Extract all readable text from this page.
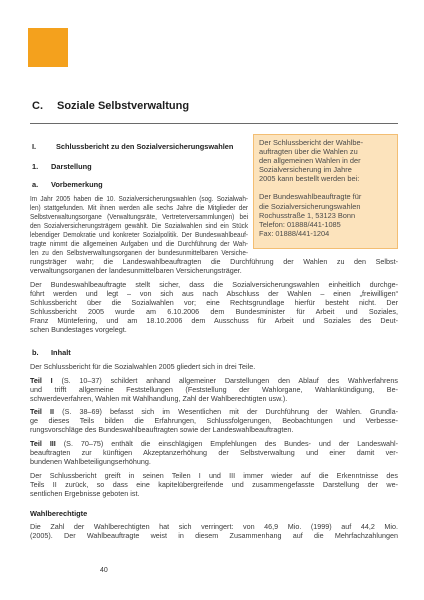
C. Soziale Selbstverwaltung
I.	Schlussbericht zu den Sozialversicherungswahlen
1. Darstellung
a. Vorbemerkung
Der Schlussbericht der Wahlbe-
auftragten über die Wahlen zu
den allgemeinen Wahlen in der
Sozialversicherung im Jahre
2005 kann bestellt werden bei:
Der Bundeswahlbeauftragte für
die Sozialversicherungswahlen
Rochusstraße 1, 53123 Bonn
Telefon: 01888/441-1085
Fax: 01888/441-1204
Im Jahr 2005 haben die 10. Sozialversicherungswahlen (sog. Sozialwah-
len) stattgefunden. Mit ihnen werden alle sechs Jahre die Mitglieder der
Selbstverwaltungsorgane (Verwaltungsräte, Vertreterversammlungen) bei
den Sozialversicherungsträgern gewählt. Die Sozialwahlen sind ein Stück
lebendiger Demokratie und konkreter Sozialpolitik. Der Bundeswahlbeauf-
tragte nimmt die allgemeinen Aufgaben und die Durchführung der Wah-
len zu den Selbstverwaltungsorganen der bundesunmittelbaren Versiche-
rungsträger wahr; die Landeswahlbeauftragten die Durchführung der Wahlen zu den Selbst-
verwaltungsorganen der landesunmittelbaren Versicherungsträger.
Der Bundeswahlbeauftragte stellt sicher, dass die Sozialversicherungswahlen einheitlich durchge-
führt werden und legt – von sich aus nach Abschluss der Wahlen – einen „freiwilligen“
Schlussbericht über die Sozialwahlen vor; eine Rechtsgrundlage hierfür besteht nicht. Der
Schlussbericht 2005 wurde am 6.10.2006 dem Bundesminister für Arbeit und Soziales,
Franz Müntefering, und am 18.10.2006 dem Ausschuss für Arbeit und Soziales des Deut-
schen Bundestages vorgelegt.
b. Inhalt
Der Schlussbericht für die Sozialwahlen 2005 gliedert sich in drei Teile.
Teil I (S. 10–37) schildert anhand allgemeiner Darstellungen den Ablauf des Wahlverfahrens
und trifft allgemeine Feststellungen (Feststellung der Wahlorgane, Wahlankündigung, Be-
schwerdeverfahren, Wahlen mit Wahlhandlung, Zahl der Wahlberechtigten usw.).
Teil II (S. 38–69) befasst sich im Wesentlichen mit der Durchführung der Wahlen. Grundla-
ge dieses Teils bilden die Erfahrungen, Schlussfolgerungen, Beobachtungen und Verbesse-
rungsvorschläge des Bundeswahlbeauftragten sowie der Landeswahlbeauftragten.
Teil III (S. 70–75) enthält die einschlägigen Empfehlungen des Bundes- und der Landeswahl-
beauftragten zur künftigen Akzeptanzerhöhung der Selbstverwaltung und einer damit ver-
bundenen Wahlbeteiligungserhöhung.
Der Schlussbericht greift in seinen Teilen I und III immer wieder auf die Erkenntnisse des
Teils II zurück, so dass eine kapitelübergreifende und zusammengefasste Darstellung der we-
sentlichen Ergebnisse geboten ist.
Wahlberechtigte
Die Zahl der Wahlberechtigten hat sich verringert: von 46,9 Mio. (1999) auf 44,2 Mio.
(2005). Der Wahlbeauftragte weist in diesem Zusammenhang auf die Mehrfachzahlungen
40
